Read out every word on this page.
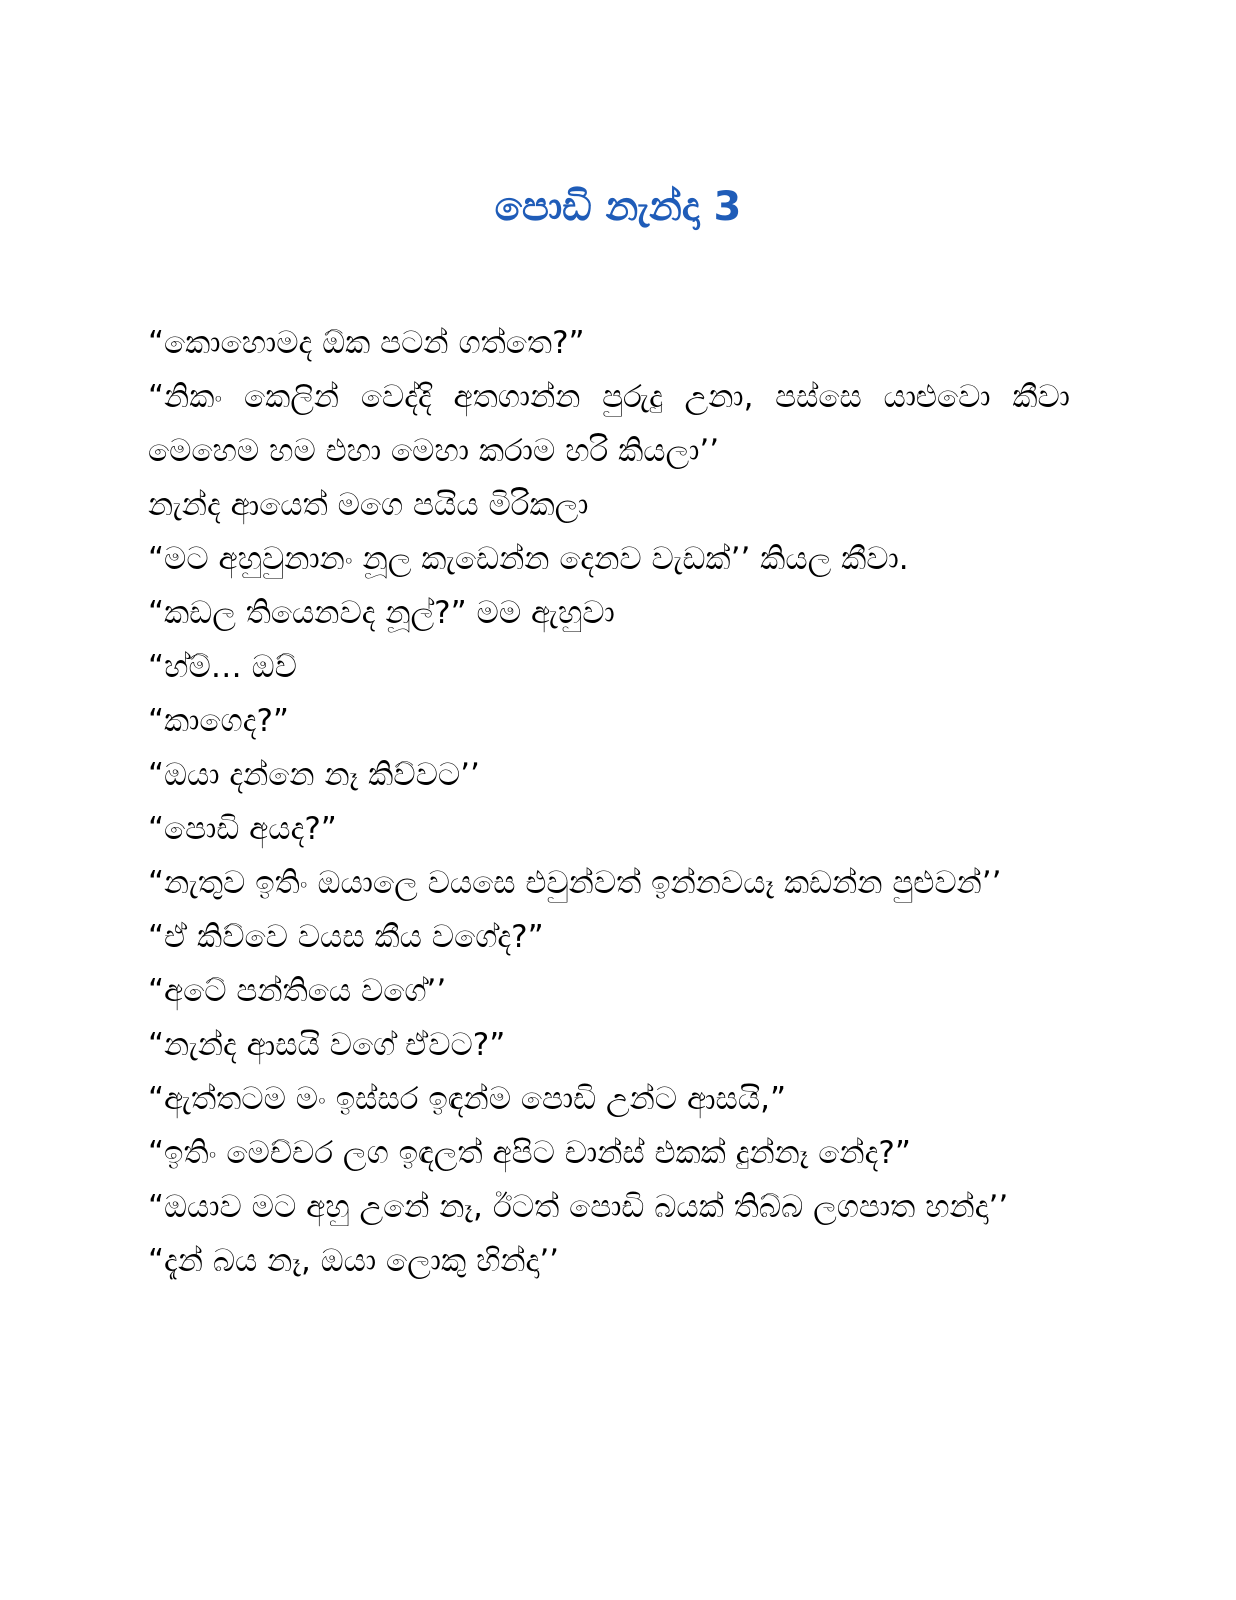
පොඩි නැන්දා 3

“කොහොමද ඕක පටන් ගත්තෙ?”

“නිකං කෙලින් වෙද්දි අතගාන්න පුරුදු උනා, පස්සෙ යාළුවො කීවා මෙහෙම හම එහා මෙහා කරාම හරි කියලා’’

නැන්ද ආයෙත් මගෙ පයිය මිරිකලා

“මට අහුවුනානං නූල කැඩෙන්න දෙනව වැඩක්’’ කියල කීවා.

“කඩල තියෙනවද නූල්?” මම ඇහුවා

“හ්ම්… ඔව්

“කාගෙද?”

“ඔයා දන්නෙ නෑ කිව්වට’’

“පොඩි අයද?”

“නැතුව ඉතිං ඔයාලෙ වයසෙ එවුන්වත් ඉන්නවයෑ කඩන්න පුළුවන්’’

“ඒ කිව්වෙ වයස කීය වගේද?”

“අටේ පන්තියෙ වගේ’’

“නැන්ද ආසයි වගේ ඒවට?”

“ඇත්තටම මං ඉස්සර ඉඳන්ම පොඩි උන්ට ආසයි,”

“ඉතිං මෙච්චර ලග ඉඳලත් අපිට චාන්ස් එකක් දුන්නෑ නේද?”

“ඔයාව මට අහු උනේ නෑ, ඊටත් පොඩි බයක් තිබ්බ ලගපාත හන්දා’’

“දැන් බය නෑ, ඔයා ලොකු හින්දා’’
